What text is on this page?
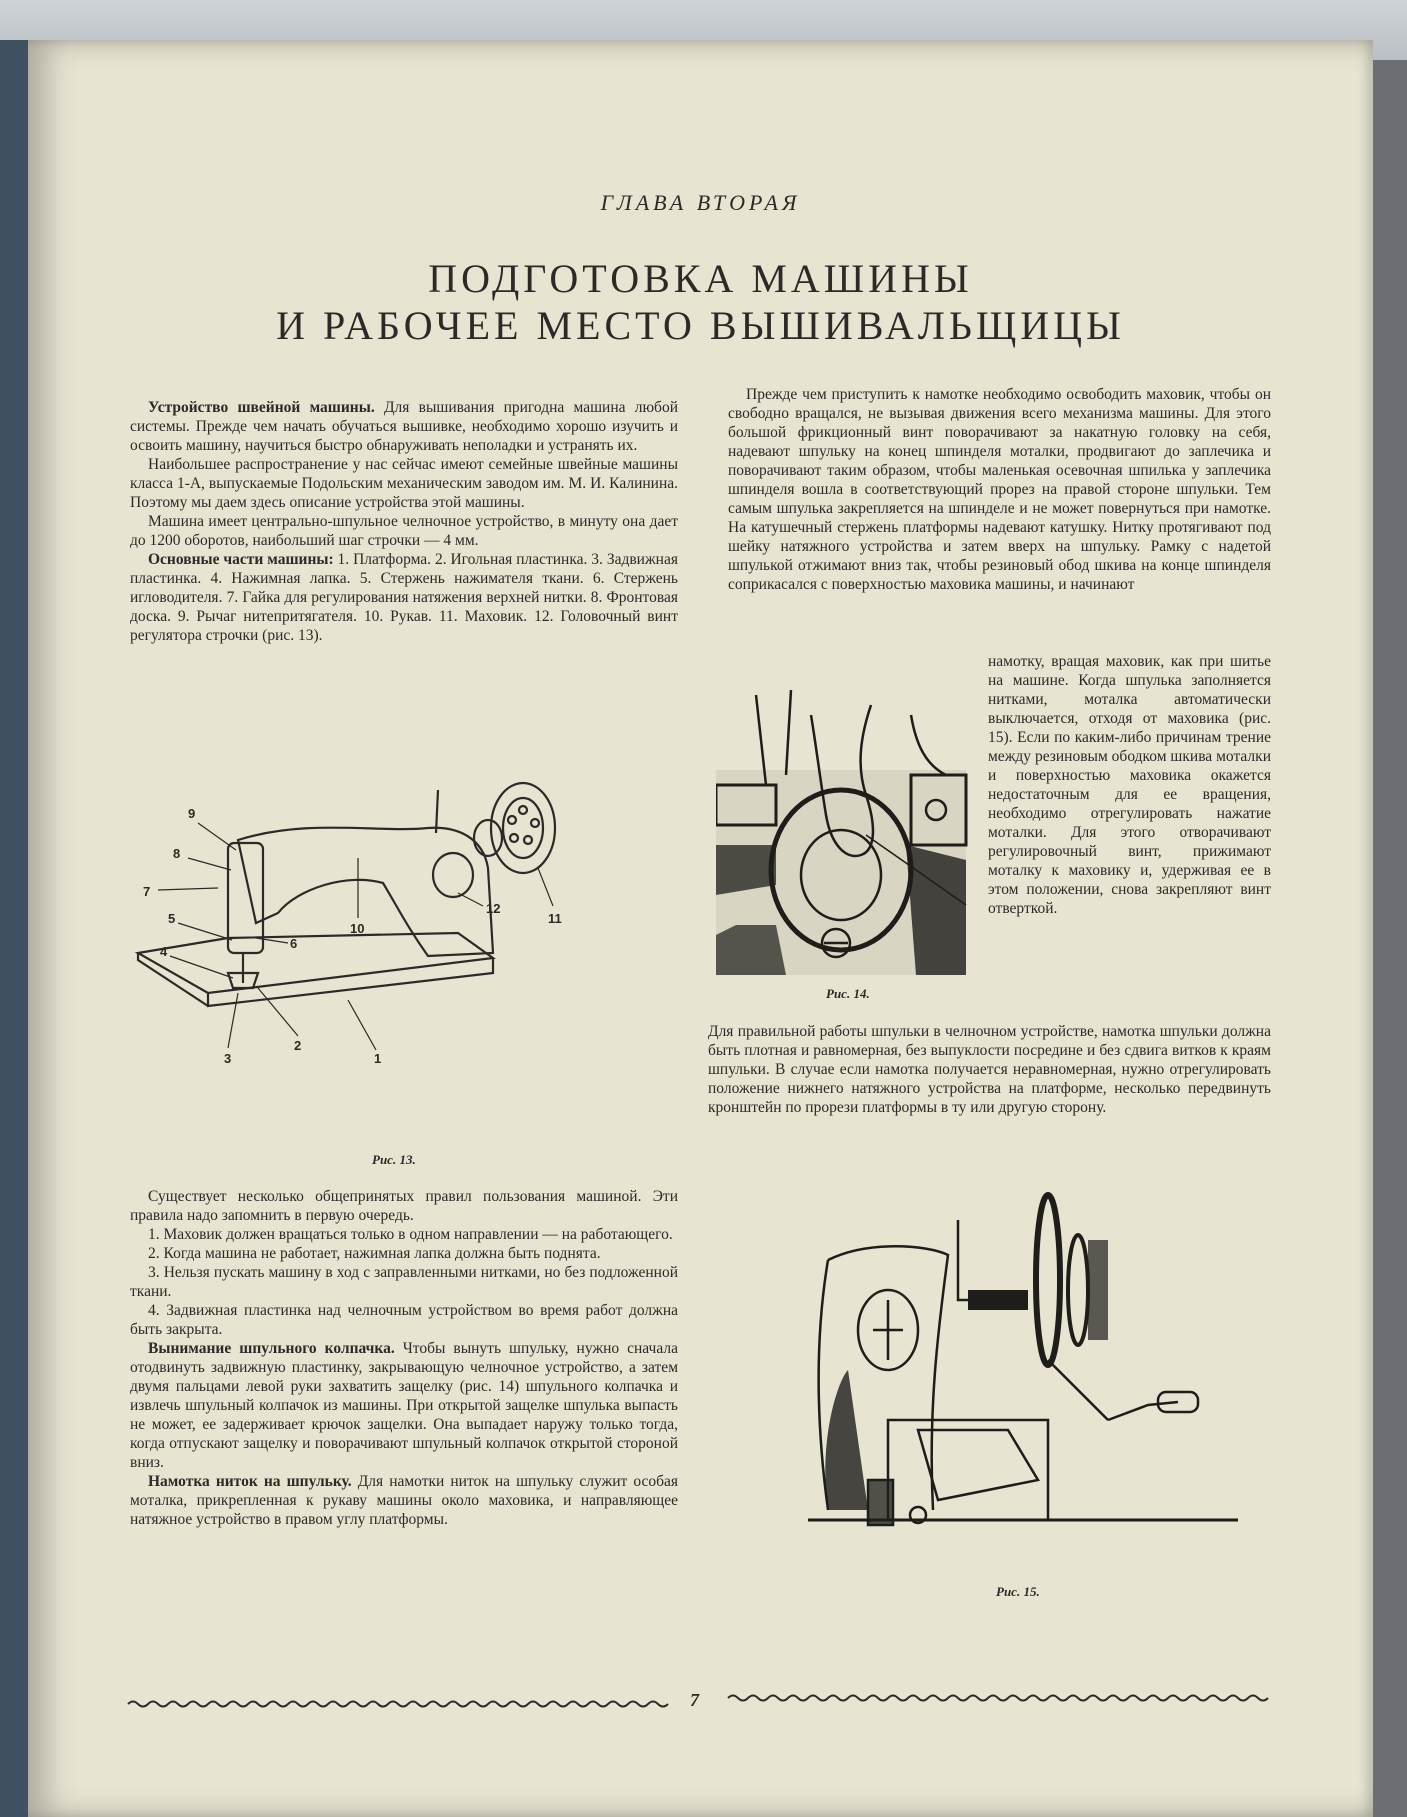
ГЛАВА ВТОРАЯ
ПОДГОТОВКА МАШИНЫ
И РАБОЧЕЕ МЕСТО ВЫШИВАЛЬЩИЦЫ

Устройство швейной машины. Для вышивания пригодна машина любой системы. Прежде чем начать обучаться вышивке, необходимо хорошо изучить и освоить машину, научиться быстро обнаруживать неполадки и устранять их.

Наибольшее распространение у нас сейчас имеют семейные швейные машины класса 1-А, выпускаемые Подольским механическим заводом им. М. И. Калинина. Поэтому мы даем здесь описание устройства этой машины.

Машина имеет центрально-шпульное челночное устройство, в минуту она дает до 1200 оборотов, наибольший шаг строчки — 4 мм.

Основные части машины: 1. Платформа. 2. Игольная пластинка. 3. Задвижная пластинка. 4. Нажимная лапка. 5. Стержень нажимателя ткани. 6. Стержень игловодителя. 7. Гайка для регулирования натяжения верхней нитки. 8. Фронтовая доска. 9. Рычаг нитепритягателя. 10. Рукав. 11. Маховик. 12. Головочный винт регулятора строчки (рис. 13).

9
8
7
5
6
4
10
12
11
3
2
1
Рис. 13.

Существует несколько общепринятых правил пользования машиной. Эти правила надо запомнить в первую очередь.

1. Маховик должен вращаться только в одном направлении — на работающего.

2. Когда машина не работает, нажимная лапка должна быть поднята.

3. Нельзя пускать машину в ход с заправленными нитками, но без подложенной ткани.

4. Задвижная пластинка над челночным устройством во время работ должна быть закрыта.

Вынимание шпульного колпачка. Чтобы вынуть шпульку, нужно сначала отодвинуть задвижную пластинку, закрывающую челночное устройство, а затем двумя пальцами левой руки захватить защелку (рис. 14) шпульного колпачка и извлечь шпульный колпачок из машины. При открытой защелке шпулька выпасть не может, ее задерживает крючок защелки. Она выпадает наружу только тогда, когда отпускают защелку и поворачивают шпульный колпачок открытой стороной вниз.

Намотка ниток на шпульку. Для намотки ниток на шпульку служит особая моталка, прикрепленная к рукаву машины около маховика, и направляющее натяжное устройство в правом углу платформы.

Прежде чем приступить к намотке необходимо освободить маховик, чтобы он свободно вращался, не вызывая движения всего механизма машины. Для этого большой фрикционный винт поворачивают за накатную головку на себя, надевают шпульку на конец шпинделя моталки, продвигают до заплечика и поворачивают таким образом, чтобы маленькая осевочная шпилька у заплечика шпинделя вошла в соответствующий прорез на правой стороне шпульки. Тем самым шпулька закрепляется на шпинделе и не может повернуться при намотке. На катушечный стержень платформы надевают катушку. Нитку протягивают под шейку натяжного устройства и затем вверх на шпульку. Рамку с надетой шпулькой отжимают вниз так, чтобы резиновый обод шкива на конце шпинделя соприкасался с поверхностью маховика машины, и начинают

Рис. 14.

намотку, вращая маховик, как при шитье на машине. Когда шпулька заполняется нитками, моталка автоматически выключается, отходя от маховика (рис. 15). Если по каким-либо причинам трение между резиновым ободком шкива моталки и поверхностью маховика окажется недостаточным для ее вращения, необходимо отрегулировать нажатие моталки. Для этого отворачивают регулировочный винт, прижимают моталку к маховику и, удерживая ее в этом положении, снова закрепляют винт отверткой.

Для правильной работы шпульки в челночном устройстве, намотка шпульки должна быть плотная и равномерная, без выпуклости посредине и без сдвига витков к краям шпульки. В случае если намотка получается неравномерная, нужно отрегулировать положение нижнего натяжного устройства на платформе, несколько передвинуть кронштейн по прорези платформы в ту или другую сторону.

Рис. 15.
7
